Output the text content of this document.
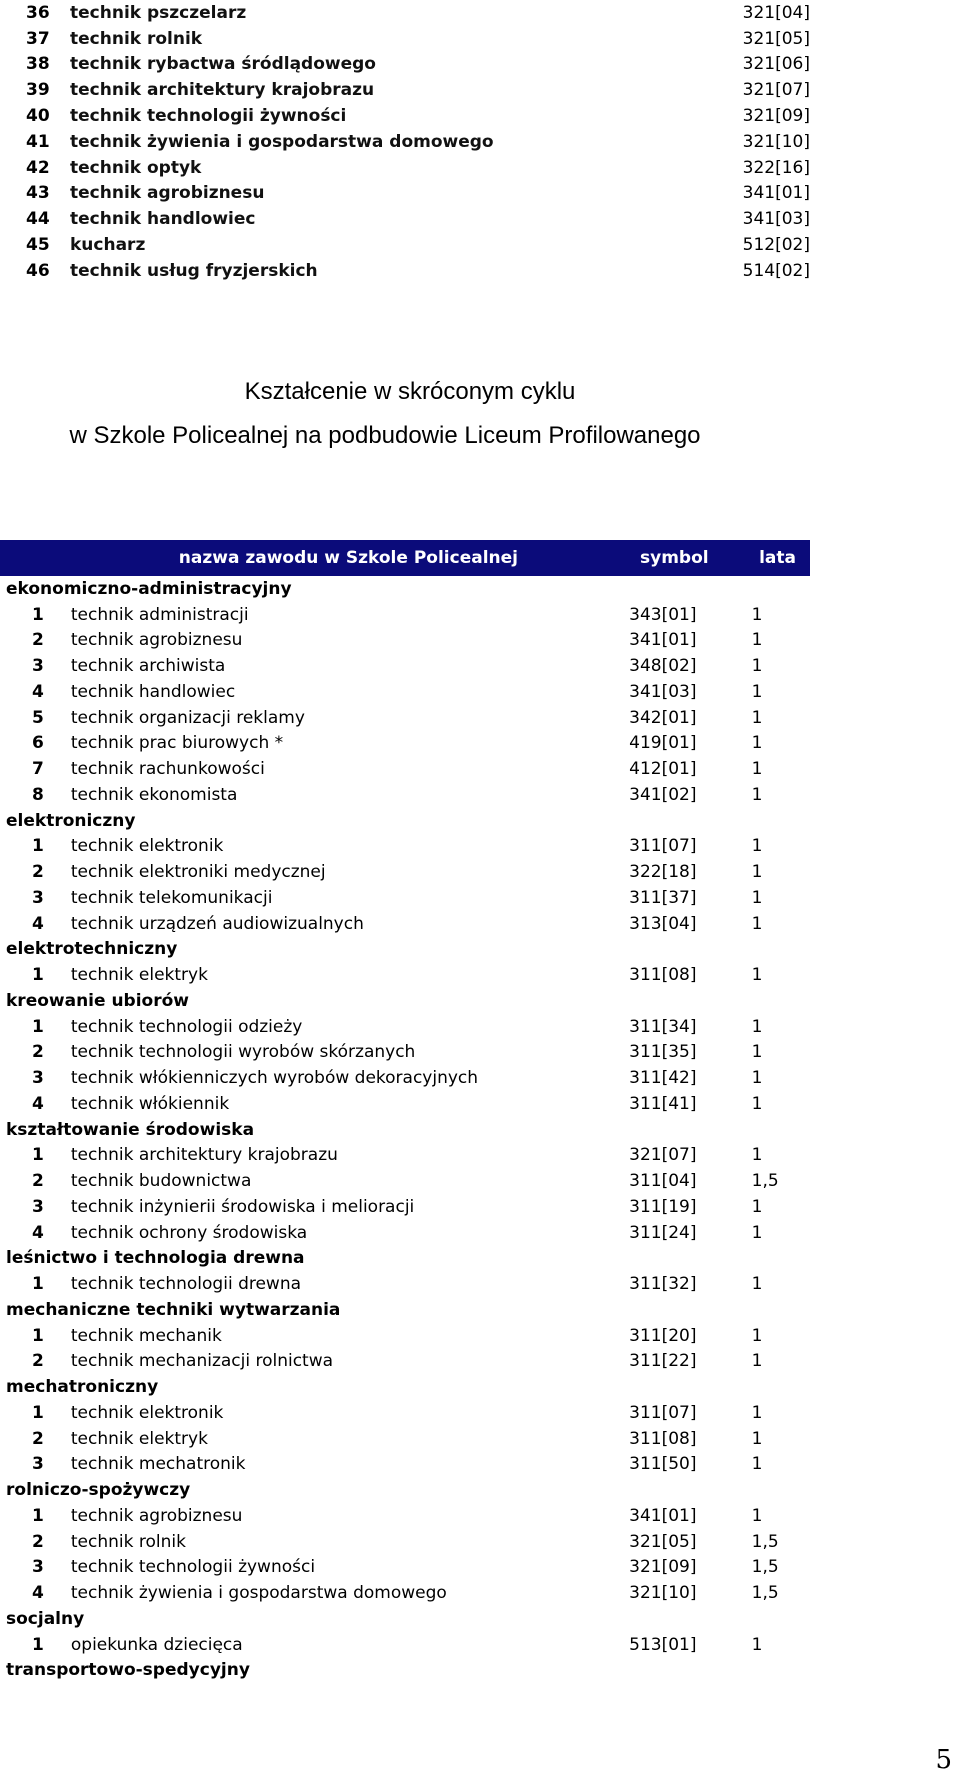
36	technik pszczelarz	321[04]
37	technik rolnik	321[05]
38	technik rybactwa śródlądowego	321[06]
39	technik architektury krajobrazu	321[07]
40	technik technologii żywności	321[09]
41	technik żywienia i gospodarstwa domowego	321[10]
42	technik optyk	322[16]
43	technik agrobiznesu	341[01]
44	technik handlowiec	341[03]
45	kucharz	512[02]
46	technik usług fryzjerskich	514[02]
Kształcenie w skróconym cyklu
w Szkole Policealnej na podbudowie Liceum Profilowanego
nazwa zawodu w Szkole Policealnej	symbol	lata
ekonomiczno-administracyjny
1	technik administracji	343[01]	1
2	technik agrobiznesu	341[01]	1
3	technik archiwista	348[02]	1
4	technik handlowiec	341[03]	1
5	technik organizacji reklamy	342[01]	1
6	technik prac biurowych *	419[01]	1
7	technik rachunkowości	412[01]	1
8	technik ekonomista	341[02]	1
elektroniczny
1	technik elektronik	311[07]	1
2	technik elektroniki medycznej	322[18]	1
3	technik telekomunikacji	311[37]	1
4	technik urządzeń audiowizualnych	313[04]	1
elektrotechniczny
1	technik elektryk	311[08]	1
kreowanie ubiorów
1	technik technologii odzieży	311[34]	1
2	technik technologii wyrobów skórzanych	311[35]	1
3	technik włókienniczych wyrobów dekoracyjnych	311[42]	1
4	technik włókiennik	311[41]	1
kształtowanie środowiska
1	technik architektury krajobrazu	321[07]	1
2	technik budownictwa	311[04]	1,5
3	technik inżynierii środowiska i melioracji	311[19]	1
4	technik ochrony środowiska	311[24]	1
leśnictwo i technologia drewna
1	technik technologii drewna	311[32]	1
mechaniczne techniki wytwarzania
1	technik mechanik	311[20]	1
2	technik mechanizacji rolnictwa	311[22]	1
mechatroniczny
1	technik elektronik	311[07]	1
2	technik elektryk	311[08]	1
3	technik mechatronik	311[50]	1
rolniczo-spożywczy
1	technik agrobiznesu	341[01]	1
2	technik rolnik	321[05]	1,5
3	technik technologii żywności	321[09]	1,5
4	technik żywienia i gospodarstwa domowego	321[10]	1,5
socjalny
1	opiekunka dziecięca	513[01]	1
transportowo-spedycyjny
5
